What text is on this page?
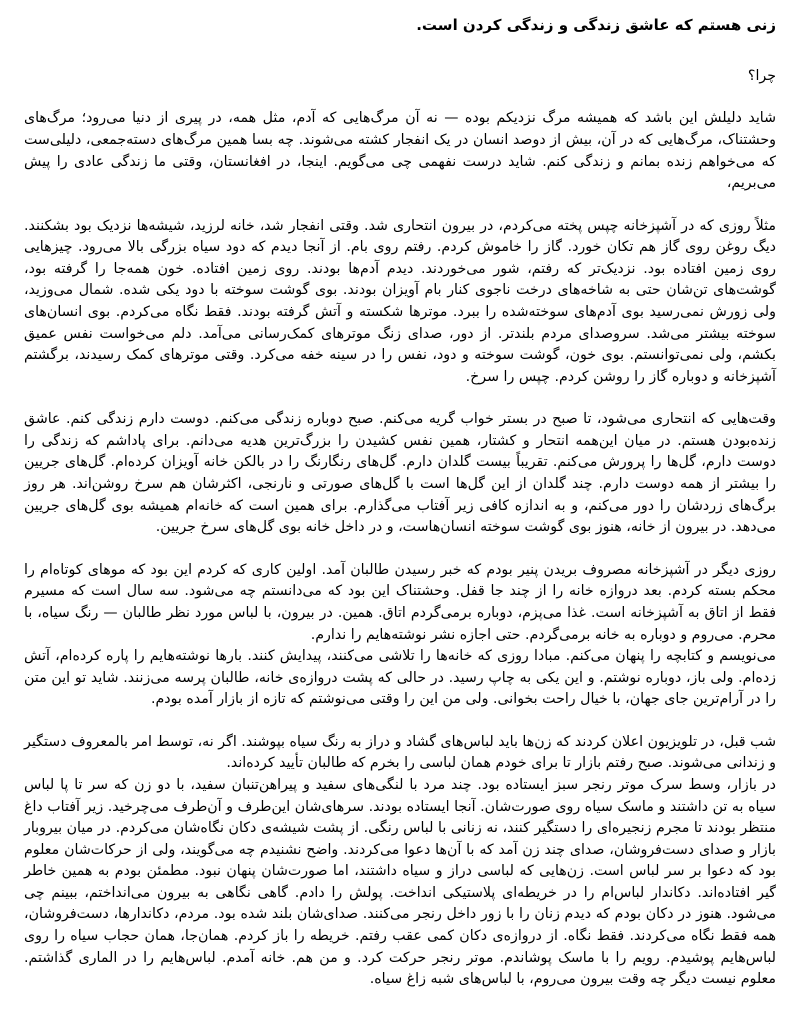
زنی هستم که عاشق زندگی و زندگی کردن است.

چرا؟

شاید دلیلش این باشد که همیشه مرگ نزدیکم بوده — نه آن مرگ‌هایی که آدم، مثل همه، در پیری از دنیا می‌رود؛ مرگ‌های وحشتناک، مرگ‌هایی که در آن، بیش از دوصد انسان در یک انفجار کشته می‌شوند. چه بسا همین مرگ‌های دسته‌جمعی، دلیلی‌ست که می‌خواهم زنده بمانم و زندگی کنم. شاید درست نفهمی چی می‌گویم. اینجا، در افغانستان، وقتی ما زندگی عادی را پیش می‌بریم،

مثلاً روزی که در آشپزخانه چپس پخته می‌کردم، در بیرون انتحاری شد. وقتی انفجار شد، خانه لرزید، شیشه‌ها نزدیک بود بشکنند. دیگ روغن روی گاز هم تکان خورد. گاز را خاموش کردم. رفتم روی بام. از آنجا دیدم که دود سیاه بزرگی بالا می‌رود. چیزهایی روی زمین افتاده بود. نزدیک‌تر که رفتم، شور می‌خوردند. دیدم آدم‌ها بودند. روی زمین افتاده. خون همه‌جا را گرفته بود، گوشت‌های تن‌شان حتی به شاخه‌های درخت ناجوی کنار بام آویزان بودند. بوی گوشت سوخته با دود یکی شده. شمال می‌وزید، ولی زورش نمی‌رسید بوی آدم‌های سوخته‌شده را ببرد. موترها شکسته و آتش گرفته بودند. فقط نگاه می‌کردم. بوی انسان‌های سوخته بیشتر می‌شد. سروصدای مردم بلندتر. از دور، صدای زنگ موترهای کمک‌رسانی می‌آمد. دلم می‌خواست نفس عمیق بکشم، ولی نمی‌توانستم. بوی خون، گوشت سوخته و دود، نفس را در سینه خفه می‌کرد. وقتی موترهای کمک رسیدند، برگشتم آشپزخانه و دوباره گاز را روشن کردم. چپس را سرخ.

وقت‌هایی که انتحاری می‌شود، تا صبح در بستر خواب گریه می‌کنم. صبح دوباره زندگی می‌کنم. دوست دارم زندگی کنم. عاشق زنده‌بودن هستم. در میان این‌همه انتحار و کشتار، همین نفس کشیدن را بزرگ‌ترین هدیه می‌دانم. برای پاداشم که زندگی را دوست دارم، گل‌ها را پرورش می‌کنم. تقریباً بیست گلدان دارم. گل‌های رنگارنگ را در بالکن خانه آویزان کرده‌ام. گل‌های جریین را بیشتر از همه دوست دارم. چند گلدان از این گل‌ها است با گل‌های صورتی و نارنجی، اکثرشان هم سرخ روشن‌اند. هر روز برگ‌های زردشان را دور می‌کنم، و به اندازه کافی زیر آفتاب می‌گذارم. برای همین است که خانه‌ام همیشه بوی گل‌های جریین می‌دهد. در بیرون از خانه، هنوز بوی گوشت سوخته انسان‌هاست، و در داخل خانه بوی گل‌های سرخ جریین.

روزی دیگر در آشپزخانه مصروف بریدن پنیر بودم که خبر رسیدن طالبان آمد. اولین کاری که کردم این بود که موهای کوتاه‌ام را محکم بسته کردم. بعد دروازه خانه را از چند جا قفل. وحشتناک این بود که می‌دانستم چه می‌شود. سه سال است که مسیرم فقط از اتاق به آشپزخانه است. غذا می‌پزم، دوباره برمی‌گردم اتاق. همین. در بیرون، با لباس مورد نظر طالبان — رنگ سیاه، با محرم. می‌روم و دوباره به خانه برمی‌گردم. حتی اجازه نشر نوشته‌هایم را ندارم.

می‌نویسم و کتابچه را پنهان می‌کنم. مبادا روزی که خانه‌ها را تلاشی می‌کنند، پیدایش کنند. بارها نوشته‌هایم را پاره کرده‌ام، آتش زده‌ام. ولی باز، دوباره نوشتم. و این یکی به چاپ رسید. در حالی که پشت دروازه‌ی خانه، طالبان پرسه می‌زنند. شاید تو این متن را در آرام‌ترین جای جهان، با خیال راحت بخوانی. ولی من این را وقتی می‌نوشتم که تازه از بازار آمده بودم.

شب قبل، در تلویزیون اعلان کردند که زن‌ها باید لباس‌های گشاد و دراز به رنگ سیاه بپوشند. اگر نه، توسط امر بالمعروف دستگیر و زندانی می‌شوند. صبح رفتم بازار تا برای خودم همان لباسی را بخرم که طالبان تأیید کرده‌اند.

در بازار، وسط سرک موتر رنجر سبز ایستاده بود. چند مرد با لنگی‌های سفید و پیراهن‌تنبان سفید، با دو زن که سر تا پا لباس سیاه به تن داشتند و ماسک سیاه روی صورت‌شان. آنجا ایستاده بودند. سرهای‌شان این‌طرف و آن‌طرف می‌چرخید. زیر آفتاب داغ منتظر بودند تا مجرم زنجیره‌ای را دستگیر کنند، نه زنانی با لباس رنگی. از پشت شیشه‌ی دکان نگاه‌شان می‌کردم. در میان بیروبار بازار و صدای دست‌فروشان، صدای چند زن آمد که با آن‌ها دعوا می‌کردند. واضح نشنیدم چه می‌گویند، ولی از حرکات‌شان معلوم بود که دعوا بر سر لباس است. زن‌هایی که لباسی دراز و سیاه داشتند، اما صورت‌شان پنهان نبود. مطمئن بودم به همین خاطر گیر افتاده‌اند. دکاندار لباس‌ام را در خریطه‌ای پلاستیکی انداخت. پولش را دادم. گاهی نگاهی به بیرون می‌انداختم، ببینم چی می‌شود. هنوز در دکان بودم که دیدم زنان را با زور داخل رنجر می‌کنند. صدای‌شان بلند شده بود. مردم، دکاندارها، دست‌فروشان، همه فقط نگاه می‌کردند. فقط نگاه. از دروازه‌ی دکان کمی عقب رفتم. خریطه را باز کردم. همان‌جا، همان حجاب سیاه را روی لباس‌هایم پوشیدم. رویم را با ماسک پوشاندم. موتر رنجر حرکت کرد. و من هم. خانه آمدم. لباس‌هایم را در الماری گذاشتم. معلوم نیست دیگر چه وقت بیرون می‌روم، با لباس‌های شبه زاغ سیاه.
